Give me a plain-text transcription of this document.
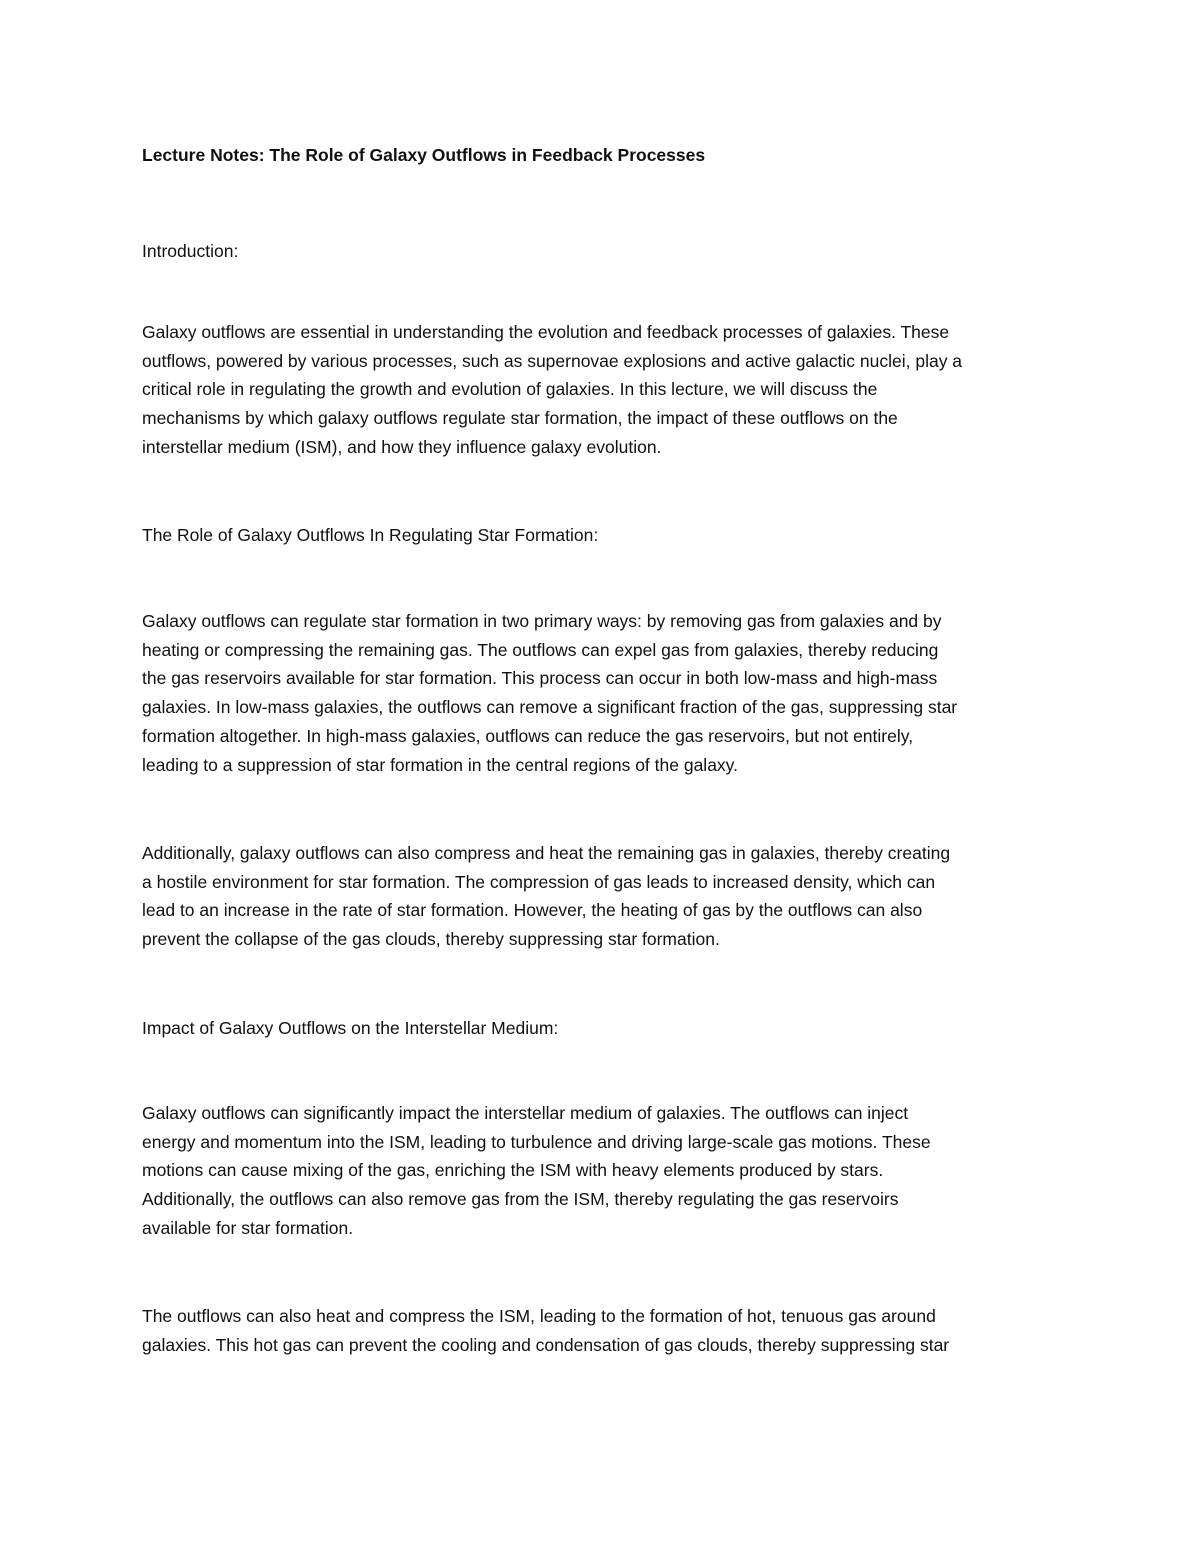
Lecture Notes: The Role of Galaxy Outflows in Feedback Processes

Introduction:

Galaxy outflows are essential in understanding the evolution and feedback processes of galaxies. These
outflows, powered by various processes, such as supernovae explosions and active galactic nuclei, play a
critical role in regulating the growth and evolution of galaxies. In this lecture, we will discuss the
mechanisms by which galaxy outflows regulate star formation, the impact of these outflows on the
interstellar medium (ISM), and how they influence galaxy evolution.

The Role of Galaxy Outflows In Regulating Star Formation:

Galaxy outflows can regulate star formation in two primary ways: by removing gas from galaxies and by
heating or compressing the remaining gas. The outflows can expel gas from galaxies, thereby reducing
the gas reservoirs available for star formation. This process can occur in both low-mass and high-mass
galaxies. In low-mass galaxies, the outflows can remove a significant fraction of the gas, suppressing star
formation altogether. In high-mass galaxies, outflows can reduce the gas reservoirs, but not entirely,
leading to a suppression of star formation in the central regions of the galaxy.

Additionally, galaxy outflows can also compress and heat the remaining gas in galaxies, thereby creating
a hostile environment for star formation. The compression of gas leads to increased density, which can
lead to an increase in the rate of star formation. However, the heating of gas by the outflows can also
prevent the collapse of the gas clouds, thereby suppressing star formation.

Impact of Galaxy Outflows on the Interstellar Medium:

Galaxy outflows can significantly impact the interstellar medium of galaxies. The outflows can inject
energy and momentum into the ISM, leading to turbulence and driving large-scale gas motions. These
motions can cause mixing of the gas, enriching the ISM with heavy elements produced by stars.
Additionally, the outflows can also remove gas from the ISM, thereby regulating the gas reservoirs
available for star formation.

The outflows can also heat and compress the ISM, leading to the formation of hot, tenuous gas around
galaxies. This hot gas can prevent the cooling and condensation of gas clouds, thereby suppressing star
